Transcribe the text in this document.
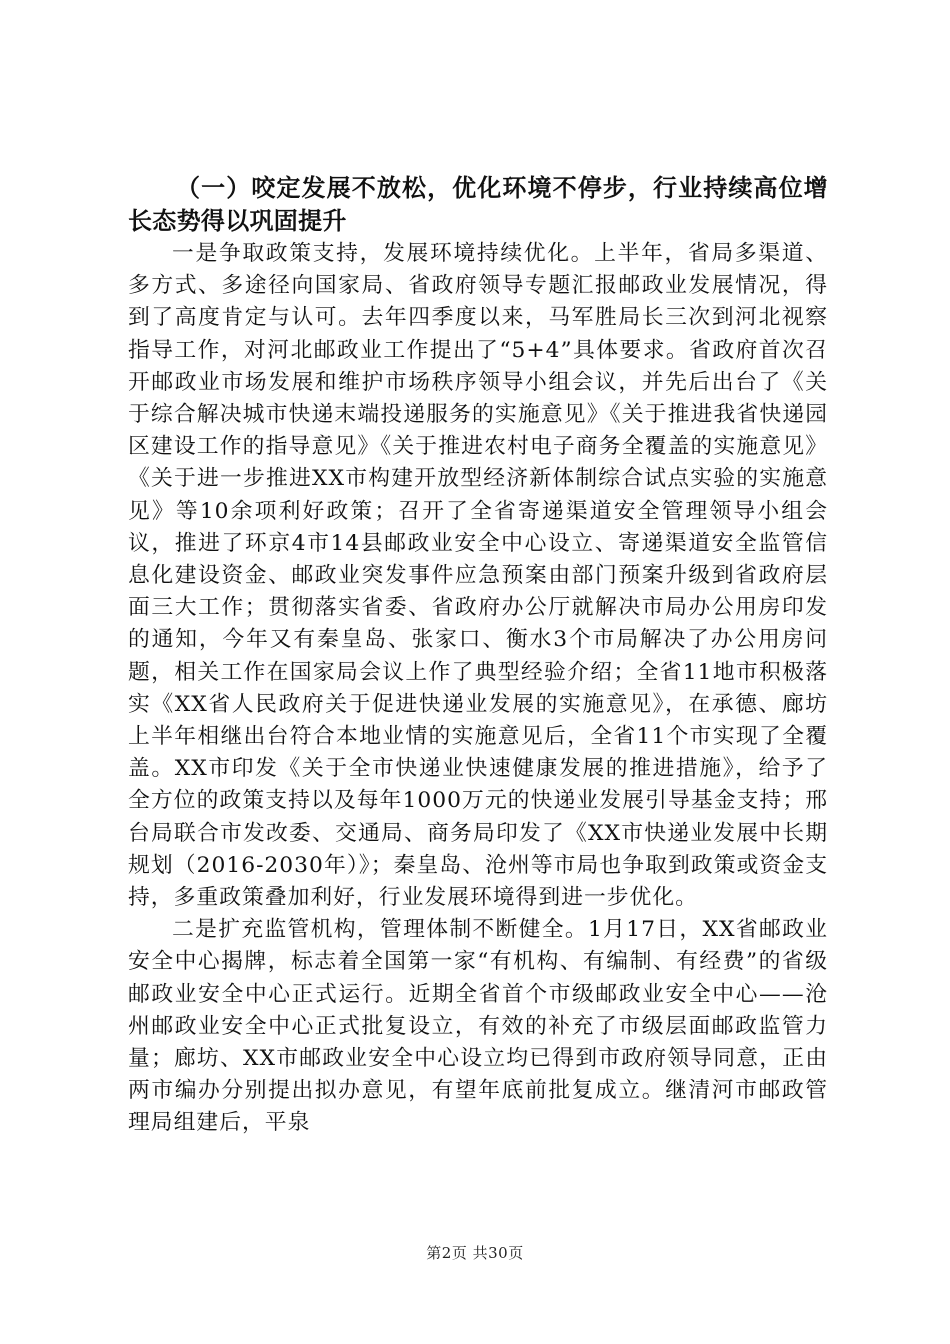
（一）咬定发展不放松，优化环境不停步，行业持续高位增长态势得以巩固提升

一是争取政策支持，发展环境持续优化。上半年，省局多渠道、多方式、多途径向国家局、省政府领导专题汇报邮政业发展情况，得到了高度肯定与认可。去年四季度以来，马军胜局长三次到河北视察指导工作，对河北邮政业工作提出了“5+4”具体要求。省政府首次召开邮政业市场发展和维护市场秩序领导小组会议，并先后出台了《关于综合解决城市快递末端投递服务的实施意见》《关于推进我省快递园区建设工作的指导意见》《关于推进农村电子商务全覆盖的实施意见》《关于进一步推进XX市构建开放型经济新体制综合试点实验的实施意见》等10余项利好政策；召开了全省寄递渠道安全管理领导小组会议，推进了环京4市14县邮政业安全中心设立、寄递渠道安全监管信息化建设资金、邮政业突发事件应急预案由部门预案升级到省政府层面三大工作；贯彻落实省委、省政府办公厅就解决市局办公用房印发的通知，今年又有秦皇岛、张家口、衡水3个市局解决了办公用房问题，相关工作在国家局会议上作了典型经验介绍；全省11地市积极落实《XX省人民政府关于促进快递业发展的实施意见》，在承德、廊坊上半年相继出台符合本地业情的实施意见后，全省11个市实现了全覆盖。XX市印发《关于全市快递业快速健康发展的推进措施》，给予了全方位的政策支持以及每年1000万元的快递业发展引导基金支持；邢台局联合市发改委、交通局、商务局印发了《XX市快递业发展中长期规划（2016-2030年）》；秦皇岛、沧州等市局也争取到政策或资金支持，多重政策叠加利好，行业发展环境得到进一步优化。

二是扩充监管机构，管理体制不断健全。1月17日，XX省邮政业安全中心揭牌，标志着全国第一家“有机构、有编制、有经费”的省级邮政业安全中心正式运行。近期全省首个市级邮政业安全中心——沧州邮政业安全中心正式批复设立，有效的补充了市级层面邮政监管力量；廊坊、XX市邮政业安全中心设立均已得到市政府领导同意，正由两市编办分别提出拟办意见，有望年底前批复成立。继清河市邮政管理局组建后，平泉

第2页 共30页
